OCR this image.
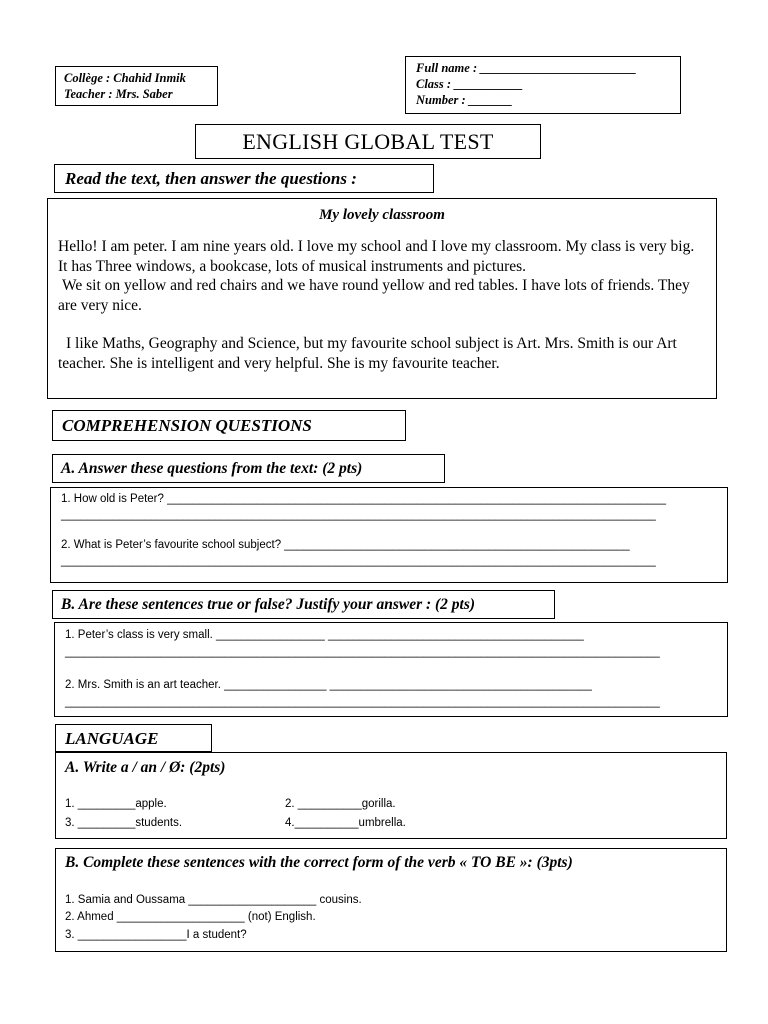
Collège : Chahid Inmik
Teacher : Mrs. Saber
Full name : _________________________
Class : ___________
Number : _______
ENGLISH GLOBAL TEST
Read the text, then answer the questions :
My lovely classroom

Hello! I am peter. I am nine years old. I love my school and I love my classroom. My class is very big. It has Three windows, a bookcase, lots of musical instruments and pictures.

We sit on yellow and red chairs and we have round yellow and red tables. I have lots of friends. They are very nice.

I like Maths, Geography and Science, but my favourite school subject is Art. Mrs. Smith is our Art teacher. She is intelligent and very helpful. She is my favourite teacher.

COMPREHENSION QUESTIONS
A. Answer these questions from the text: (2 pts)
1. How old is Peter? ______________________________________________________________________________
_____________________________________________________________________________________________
2. What is Peter’s favourite school subject? ______________________________________________________
_____________________________________________________________________________________________
B. Are these sentences true or false? Justify your answer : (2 pts)
1. Peter’s class is very small. _________________ ________________________________________
_____________________________________________________________________________________________
2. Mrs. Smith is an art teacher. ________________ _________________________________________
_____________________________________________________________________________________________
LANGUAGE
A. Write a / an / Ø: (2pts)
1. _________apple.	2. __________gorilla.
3. _________students.	4.__________umbrella.
B. Complete these sentences with the correct form of the verb « TO BE »: (3pts)
1. Samia and Oussama ____________________ cousins.
2. Ahmed ____________________ (not) English.
3. _________________I a student?
